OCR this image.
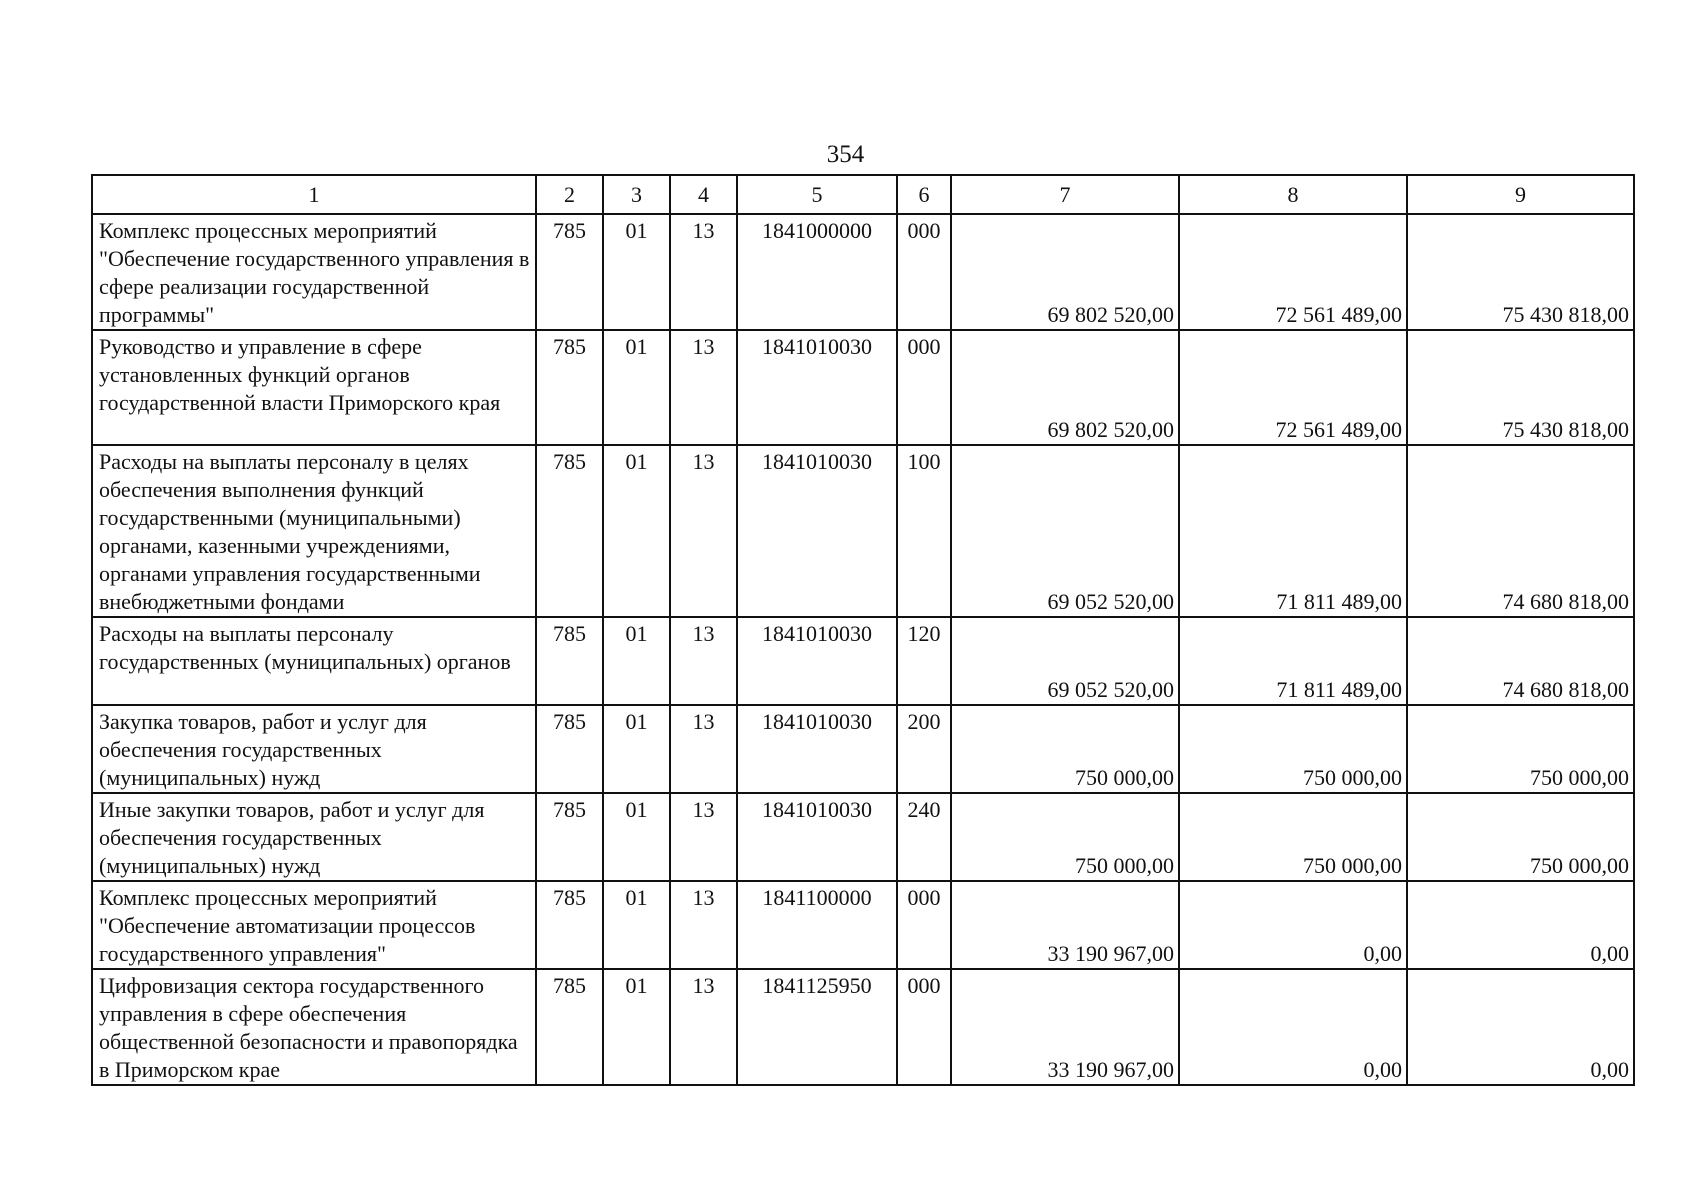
354
1	2	3	4	5	6	7	8	9
Комплекс процессных мероприятий "Обеспечение государственного управления в сфере реализации государственной программы"	785	01	13	1841000000	000	69 802 520,00	72 561 489,00	75 430 818,00
Руководство и управление в сфере установленных функций органов государственной власти Приморского края	785	01	13	1841010030	000	69 802 520,00	72 561 489,00	75 430 818,00
Расходы на выплаты персоналу в целях обеспечения выполнения функций государственными (муниципальными) органами, казенными учреждениями, органами управления государственными внебюджетными фондами	785	01	13	1841010030	100	69 052 520,00	71 811 489,00	74 680 818,00
Расходы на выплаты персоналу государственных (муниципальных) органов	785	01	13	1841010030	120	69 052 520,00	71 811 489,00	74 680 818,00
Закупка товаров, работ и услуг для обеспечения государственных (муниципальных) нужд	785	01	13	1841010030	200	750 000,00	750 000,00	750 000,00
Иные закупки товаров, работ и услуг для обеспечения государственных (муниципальных) нужд	785	01	13	1841010030	240	750 000,00	750 000,00	750 000,00
Комплекс процессных мероприятий "Обеспечение автоматизации процессов государственного управления"	785	01	13	1841100000	000	33 190 967,00	0,00	0,00
Цифровизация сектора государственного управления в сфере обеспечения общественной безопасности и правопорядка в Приморском крае	785	01	13	1841125950	000	33 190 967,00	0,00	0,00
